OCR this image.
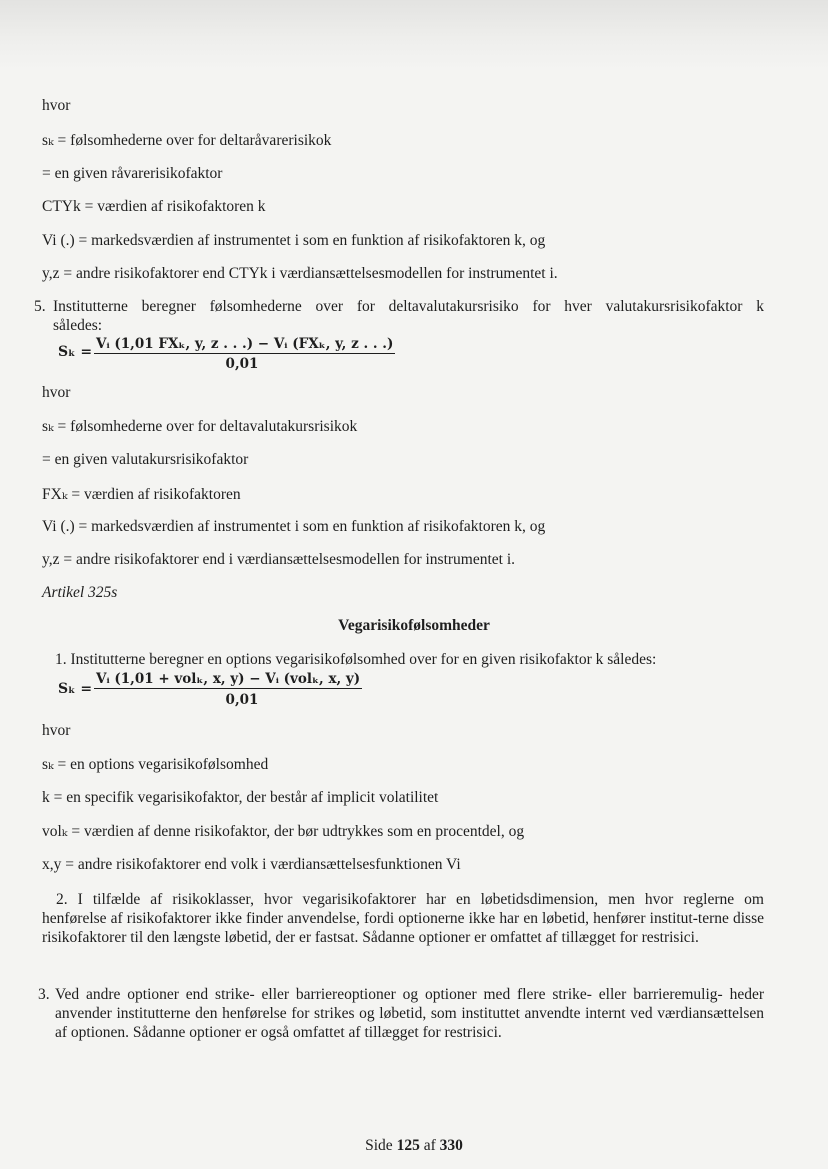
hvor
sₖ = følsomhederne over for deltaråvarerisikok
= en given råvarerisikofaktor
CTYk = værdien af risikofaktoren k
Vi (.) = markedsværdien af instrumentet i som en funktion af risikofaktoren k, og
y,z = andre risikofaktorer end CTYk i værdiansættelsesmodellen for instrumentet i.
5. Institutterne beregner følsomhederne over for deltavalutakursrisiko for hver valutakursrisikofaktor k
således:
Sₖ = Vᵢ (1,01 FXₖ, y, z . . .) − Vᵢ (FXₖ, y, z . . .)
0,01
hvor
sₖ = følsomhederne over for deltavalutakursrisikok
= en given valutakursrisikofaktor
FXₖ = værdien af risikofaktoren
Vi (.) = markedsværdien af instrumentet i som en funktion af risikofaktoren k, og
y,z = andre risikofaktorer end i værdiansættelsesmodellen for instrumentet i.
Artikel 325s
Vegarisikofølsomheder
1. Institutterne beregner en options vegarisikofølsomhed over for en given risikofaktor k således:
Sₖ =
Vᵢ (1,01 + volₖ, x, y) − Vᵢ (volₖ, x, y)
0,01
hvor
sₖ = en options vegarisikofølsomhed
k = en specifik vegarisikofaktor, der består af implicit volatilitet
volₖ = værdien af denne risikofaktor, der bør udtrykkes som en procentdel, og
x,y = andre risikofaktorer end volk i værdiansættelsesfunktionen Vi
2. I tilfælde af risikoklasser, hvor vegarisikofaktorer har en løbetidsdimension, men hvor reglerne om
henførelse af risikofaktorer ikke finder anvendelse, fordi optionerne ikke har en løbetid, henfører institut-terne disse risikofaktorer til den længste løbetid, der er fastsat. Sådanne optioner er omfattet af tillægget for restrisici.
3. Ved andre optioner end strike- eller barriereoptioner og optioner med flere strike- eller barrieremulig- heder anvender institutterne den henførelse for strikes og løbetid, som instituttet anvendte internt ved værdiansættelsen af optionen. Sådanne optioner er også omfattet af tillægget for restrisici.
Side 125 af 330
